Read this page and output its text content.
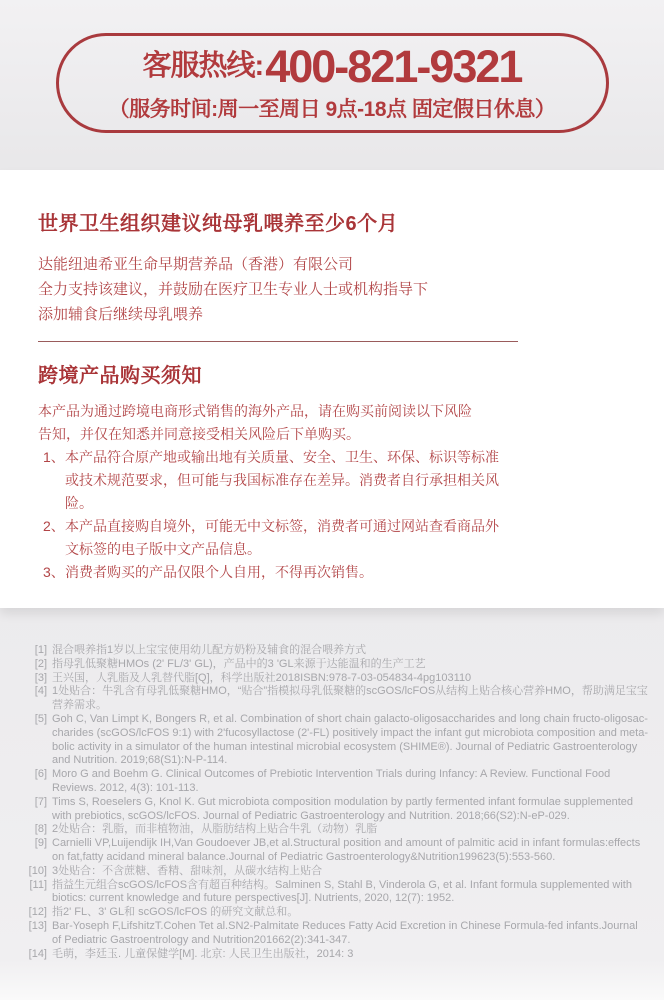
客服热线: 400-821-9321
（服务时间:周一至周日 9点-18点 固定假日休息）
世界卫生组织建议纯母乳喂养至少6个月
达能纽迪希亚生命早期营养品（香港）有限公司
全力支持该建议，并鼓励在医疗卫生专业人士或机构指导下
添加辅食后继续母乳喂养
跨境产品购买须知
本产品为通过跨境电商形式销售的海外产品，请在购买前阅读以下风险告知，并仅在知悉并同意接受相关风险后下单购买。
1、 本产品符合原产地或输出地有关质量、安全、卫生、环保、标识等标准或技术规范要求，但可能与我国标准存在差异。消费者自行承担相关风险。
2、 本产品直接购自境外，可能无中文标签，消费者可通过网站查看商品外文标签的电子版中文产品信息。
3、 消费者购买的产品仅限个人自用，不得再次销售。
[1] 混合喂养指1岁以上宝宝使用幼儿配方奶粉及辅食的混合喂养方式
[2] 指母乳低聚糖HMOs (2' FL/3' GL)，产品中的3 'GL来源于达能温和的生产工艺
[3] 王兴国，人乳脂及人乳替代脂[Q]，科学出版社2018ISBN:978-7-03-054834-4pg103110
[4] 1处贴合：牛乳含有母乳低聚糖HMO，“贴合”指模拟母乳低聚糖的scGOS/lcFOS从结构上贴合核心营养HMO，帮助满足宝宝营养需求。
[5] Goh C, Van Limpt K, Bongers R, et al. Combination of short chain galacto-oligosaccharides and long chain fructo-oligosac-charides (scGOS/lcFOS 9:1) with 2'fucosyllactose (2'-FL) positively impact the infant gut microbiota composition and meta-bolic activity in a simulator of the human intestinal microbial ecosystem (SHIME®). Journal of Pediatric Gastroenterology and Nutrition. 2019;68(S1):N-P-114.
[6] Moro G and Boehm G. Clinical Outcomes of Prebiotic Intervention Trials during Infancy: A Review. Functional Food Reviews. 2012, 4(3): 101-113.
[7] Tims S, Roeselers G, Knol K. Gut microbiota composition modulation by partly fermented infant formulae supplemented with prebiotics, scGOS/lcFOS. Journal of Pediatric Gastroenterology and Nutrition. 2018;66(S2):N-eP-029.
[8] 2处贴合：乳脂，而非植物油，从脂肪结构上贴合牛乳（动物）乳脂
[9] Carnielli VP,Luijendijk IH,Van Goudoever JB,et al.Structural position and amount of palmitic acid in infant formulas:effects on fat,fatty acidand mineral balance.Journal of Pediatric Gastroenterology&Nutrition199623(5):553-560.
[10] 3处贴合：不含蔗糖、香精、甜味剂，从碳水结构上贴合
[11] 指益生元组合scGOS/lcFOS含有超百种结构。Salminen S, Stahl B, Vinderola G, et al. Infant formula supplemented with biotics: current knowledge and future perspectives[J]. Nutrients, 2020, 12(7): 1952.
[12] 指2' FL、3' GL和 scGOS/lcFOS 的研究文献总和。
[13] Bar-Yoseph F,LifshitzT.Cohen Tet al.SN2-Palmitate Reduces Fatty Acid Excretion in Chinese Formula-fed infants.Journal of Pediatric Gastroentrology and Nutrition201662(2):341-347.
[14] 毛萌，李廷玉. 儿童保健学[M]. 北京: 人民卫生出版社，2014: 3
